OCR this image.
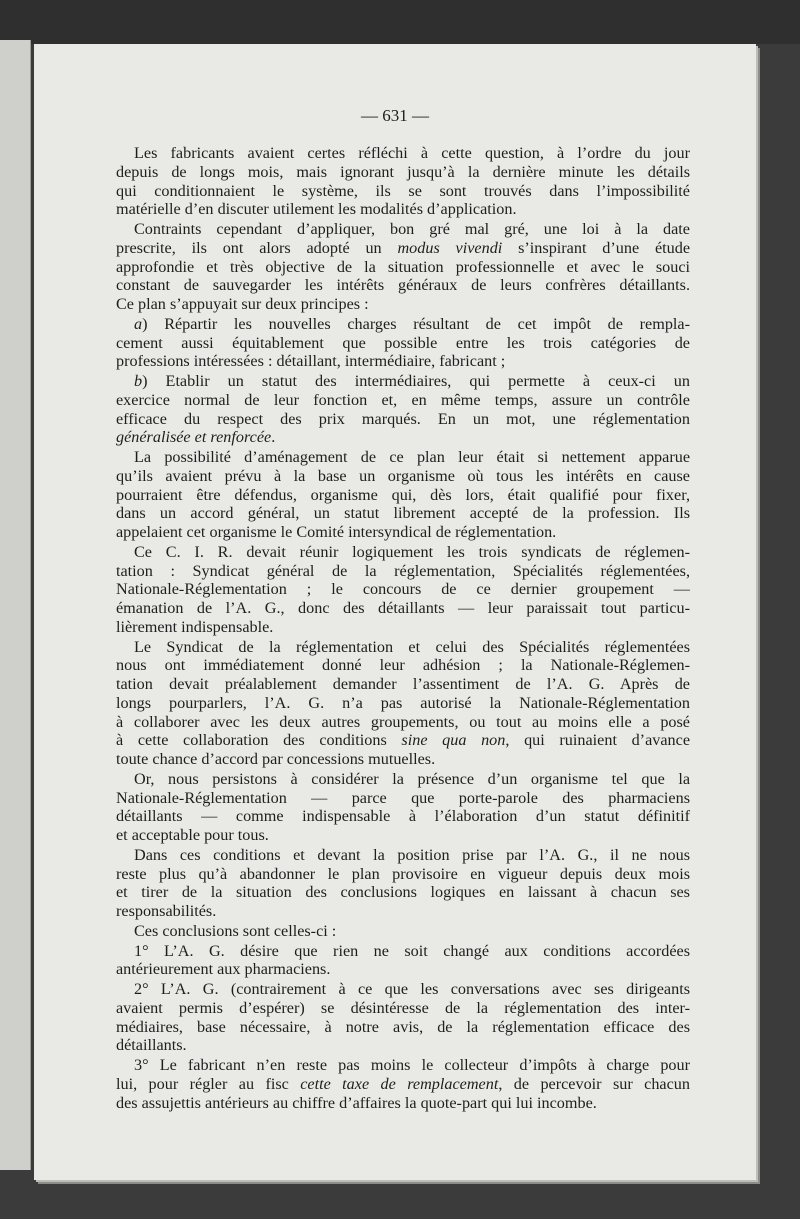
— 631 —
Les fabricants avaient certes réfléchi à cette question, à l’ordre du jour
depuis de longs mois, mais ignorant jusqu’à la dernière minute les détails
qui conditionnaient le système, ils se sont trouvés dans l’impossibilité
matérielle d’en discuter utilement les modalités d’application.
Contraints cependant d’appliquer, bon gré mal gré, une loi à la date
prescrite, ils ont alors adopté un modus vivendi s’inspirant d’une étude
approfondie et très objective de la situation professionnelle et avec le souci
constant de sauvegarder les intérêts généraux de leurs confrères détaillants.
Ce plan s’appuyait sur deux principes :
a) Répartir les nouvelles charges résultant de cet impôt de rempla-
cement aussi équitablement que possible entre les trois catégories de
professions intéressées : détaillant, intermédiaire, fabricant ;
b) Etablir un statut des intermédiaires, qui permette à ceux-ci un
exercice normal de leur fonction et, en même temps, assure un contrôle
efficace du respect des prix marqués. En un mot, une réglementation
généralisée et renforcée.
La possibilité d’aménagement de ce plan leur était si nettement apparue
qu’ils avaient prévu à la base un organisme où tous les intérêts en cause
pourraient être défendus, organisme qui, dès lors, était qualifié pour fixer,
dans un accord général, un statut librement accepté de la profession. Ils
appelaient cet organisme le Comité intersyndical de réglementation.
Ce C. I. R. devait réunir logiquement les trois syndicats de réglemen-
tation : Syndicat général de la réglementation, Spécialités réglementées,
Nationale-Réglementation ; le concours de ce dernier groupement —
émanation de l’A. G., donc des détaillants — leur paraissait tout particu-
lièrement indispensable.
Le Syndicat de la réglementation et celui des Spécialités réglementées
nous ont immédiatement donné leur adhésion ; la Nationale-Réglemen-
tation devait préalablement demander l’assentiment de l’A. G. Après de
longs pourparlers, l’A. G. n’a pas autorisé la Nationale-Réglementation
à collaborer avec les deux autres groupements, ou tout au moins elle a posé
à cette collaboration des conditions sine qua non, qui ruinaient d’avance
toute chance d’accord par concessions mutuelles.
Or, nous persistons à considérer la présence d’un organisme tel que la
Nationale-Réglementation — parce que porte-parole des pharmaciens
détaillants — comme indispensable à l’élaboration d’un statut définitif
et acceptable pour tous.
Dans ces conditions et devant la position prise par l’A. G., il ne nous
reste plus qu’à abandonner le plan provisoire en vigueur depuis deux mois
et tirer de la situation des conclusions logiques en laissant à chacun ses
responsabilités.
Ces conclusions sont celles-ci :
1° L’A. G. désire que rien ne soit changé aux conditions accordées
antérieurement aux pharmaciens.
2° L’A. G. (contrairement à ce que les conversations avec ses dirigeants
avaient permis d’espérer) se désintéresse de la réglementation des inter-
médiaires, base nécessaire, à notre avis, de la réglementation efficace des
détaillants.
3° Le fabricant n’en reste pas moins le collecteur d’impôts à charge pour
lui, pour régler au fisc cette taxe de remplacement, de percevoir sur chacun
des assujettis antérieurs au chiffre d’affaires la quote-part qui lui incombe.
